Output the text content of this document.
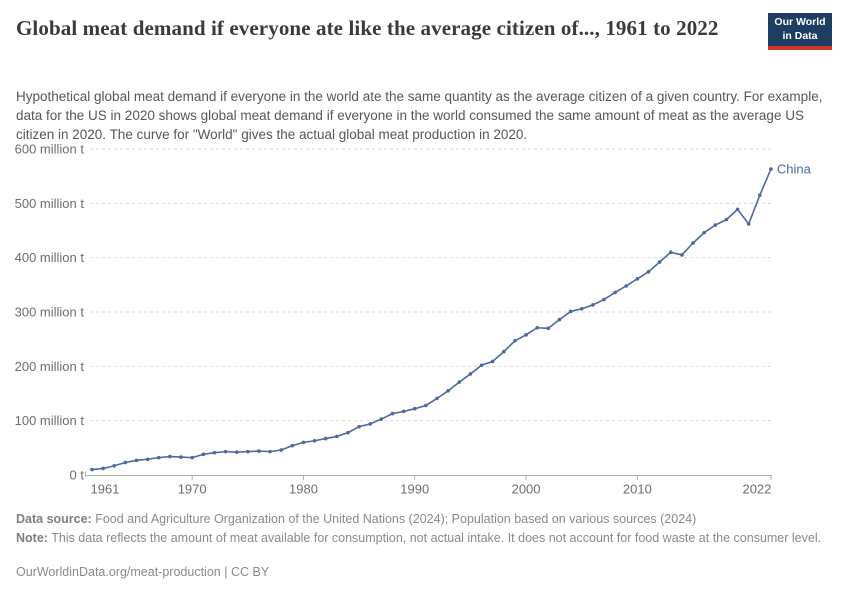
Global meat demand if everyone ate like the average citizen of..., 1961 to 2022	Our World
in Data
Hypothetical global meat demand if everyone in the world ate the same quantity as the average citizen of a given country. For example, data for the US in 2020 shows global meat demand if everyone in the world consumed the same amount of meat as the average US citizen in 2020. The curve for "World" gives the actual global meat production in 2020.
0 t
100 million t
200 million t
300 million t
400 million t
500 million t
600 million t
1961	1970	1980	1990	2000	2010	2022
China
Data source: Food and Agriculture Organization of the United Nations (2024); Population based on various sources (2024)
Note: This data reflects the amount of meat available for consumption, not actual intake. It does not account for food waste at the consumer level.
OurWorldinData.org/meat-production | CC BY
